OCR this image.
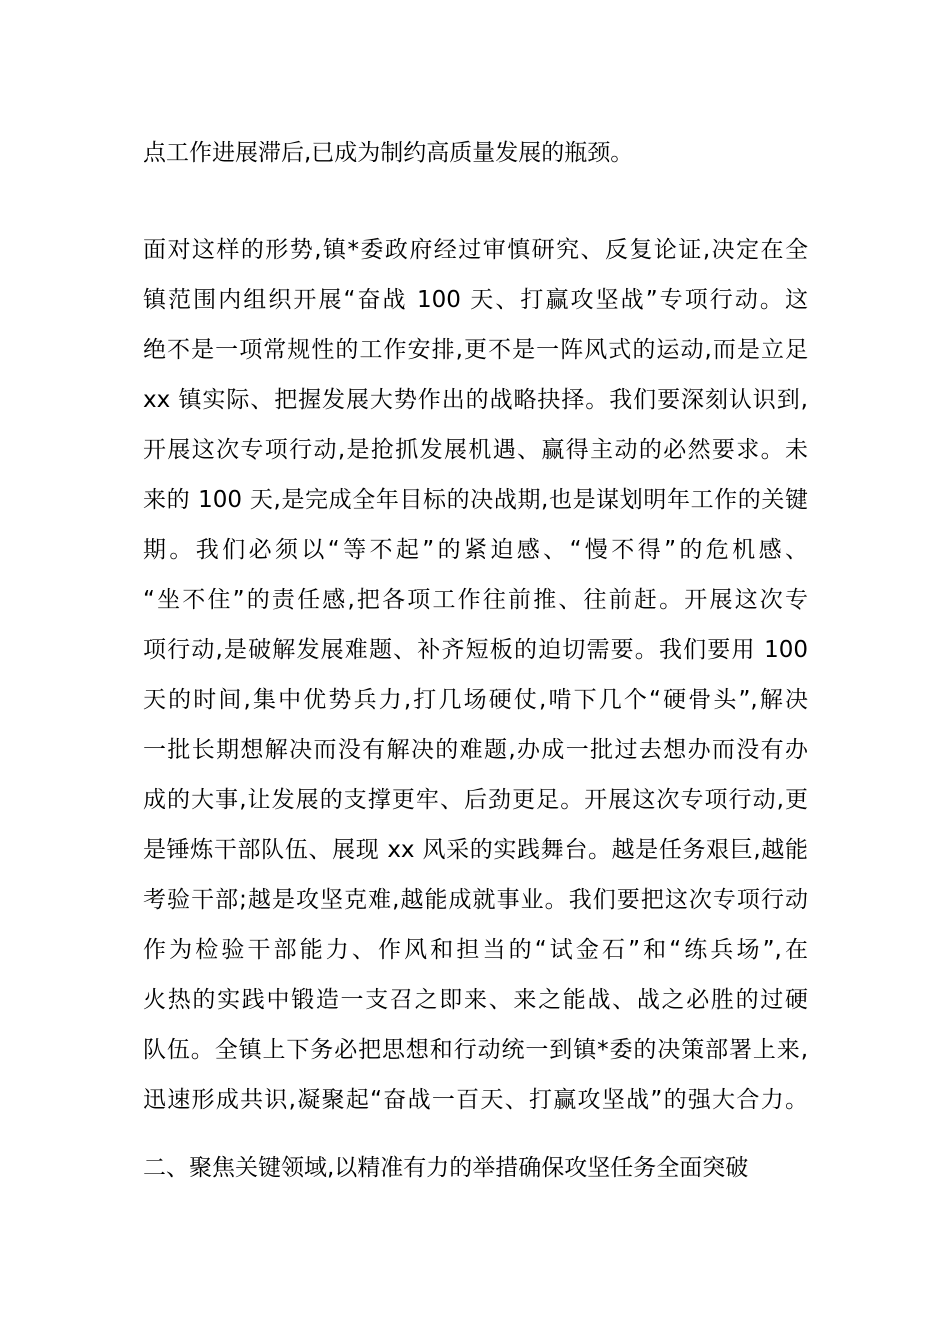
点工作进展滞后,已成为制约高质量发展的瓶颈。
面对这样的形势,镇*委政府经过审慎研究、反复论证,决定在全
镇范围内组织开展“奋战 100 天、打赢攻坚战”专项行动。这
绝不是一项常规性的工作安排,更不是一阵风式的运动,而是立足
xx 镇实际、把握发展大势作出的战略抉择。我们要深刻认识到,
开展这次专项行动,是抢抓发展机遇、赢得主动的必然要求。未
来的 100 天,是完成全年目标的决战期,也是谋划明年工作的关键
期。我们必须以“等不起”的紧迫感、“慢不得”的危机感、
“坐不住”的责任感,把各项工作往前推、往前赶。开展这次专
项行动,是破解发展难题、补齐短板的迫切需要。我们要用 100
天的时间,集中优势兵力,打几场硬仗,啃下几个“硬骨头”,解决
一批长期想解决而没有解决的难题,办成一批过去想办而没有办
成的大事,让发展的支撑更牢、后劲更足。开展这次专项行动,更
是锤炼干部队伍、展现 xx 风采的实践舞台。越是任务艰巨,越能
考验干部;越是攻坚克难,越能成就事业。我们要把这次专项行动
作为检验干部能力、作风和担当的“试金石”和“练兵场”,在
火热的实践中锻造一支召之即来、来之能战、战之必胜的过硬
队伍。全镇上下务必把思想和行动统一到镇*委的决策部署上来,
迅速形成共识,凝聚起“奋战一百天、打赢攻坚战”的强大合力。
二、聚焦关键领域,以精准有力的举措确保攻坚任务全面突破
